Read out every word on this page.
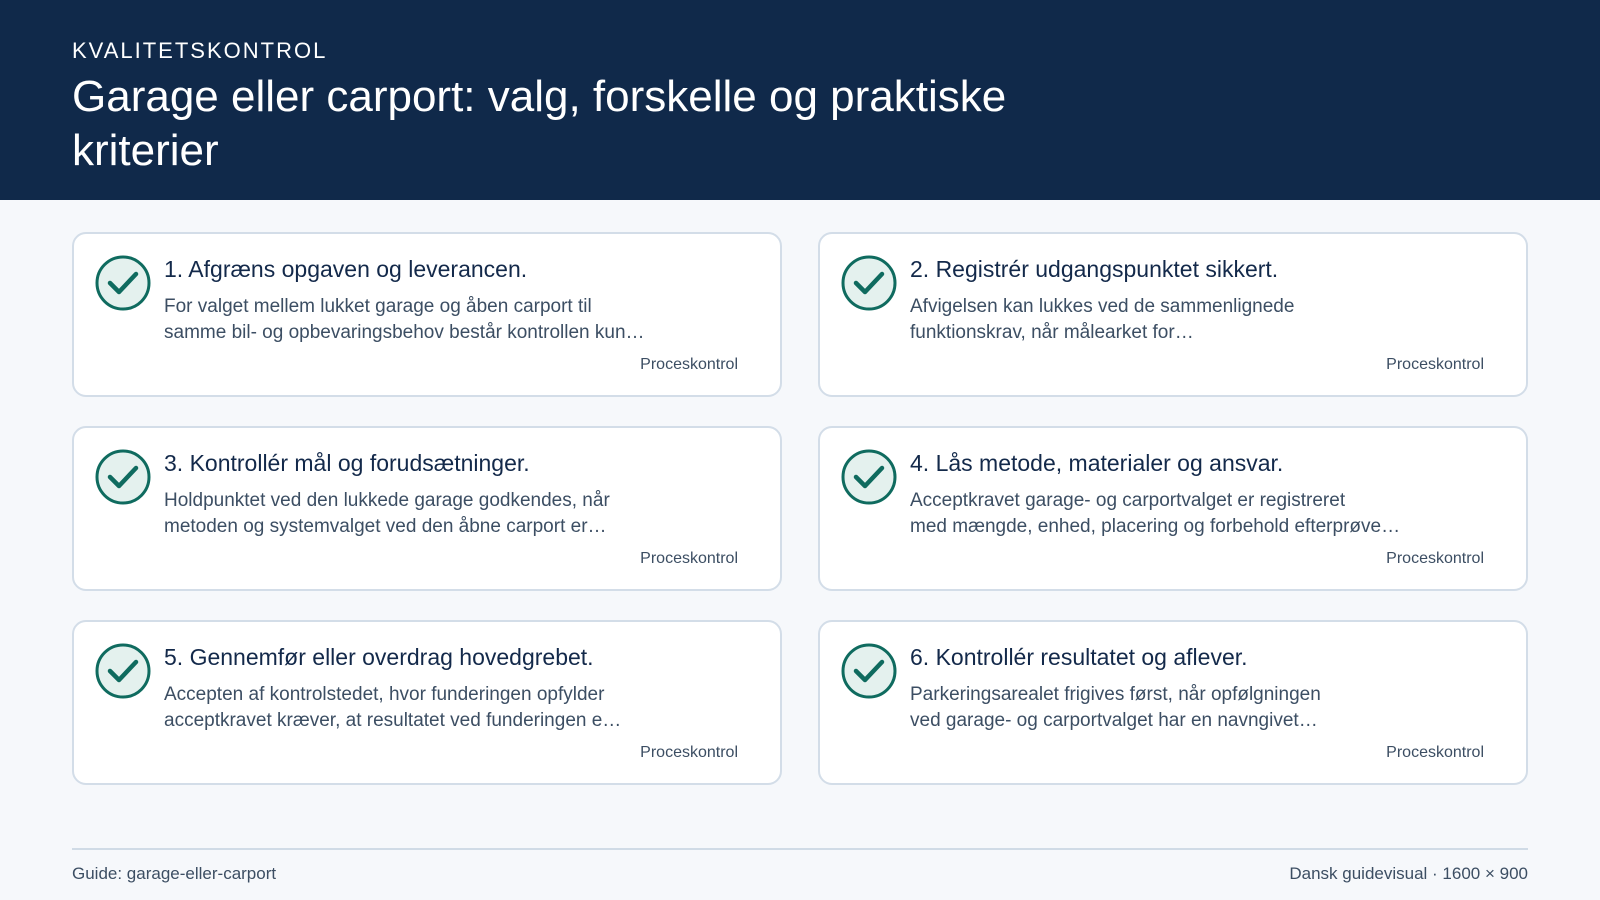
KVALITETSKONTROL
Garage eller carport: valg, forskelle og praktiske kriterier
1. Afgræns opgaven og leverancen.
For valget mellem lukket garage og åben carport til
samme bil- og opbevaringsbehov består kontrollen kun…
Proceskontrol
2. Registrér udgangspunktet sikkert.
Afvigelsen kan lukkes ved de sammenlignede
funktionskrav, når målearket for…
Proceskontrol
3. Kontrollér mål og forudsætninger.
Holdpunktet ved den lukkede garage godkendes, når
metoden og systemvalget ved den åbne carport er…
Proceskontrol
4. Lås metode, materialer og ansvar.
Acceptkravet garage- og carportvalget er registreret
med mængde, enhed, placering og forbehold efterprøve…
Proceskontrol
5. Gennemfør eller overdrag hovedgrebet.
Accepten af kontrolstedet, hvor funderingen opfylder
acceptkravet kræver, at resultatet ved funderingen e…
Proceskontrol
6. Kontrollér resultatet og aflever.
Parkeringsarealet frigives først, når opfølgningen
ved garage- og carportvalget har en navngivet…
Proceskontrol
Guide: garage-eller-carport	Dansk guidevisual · 1600 × 900
